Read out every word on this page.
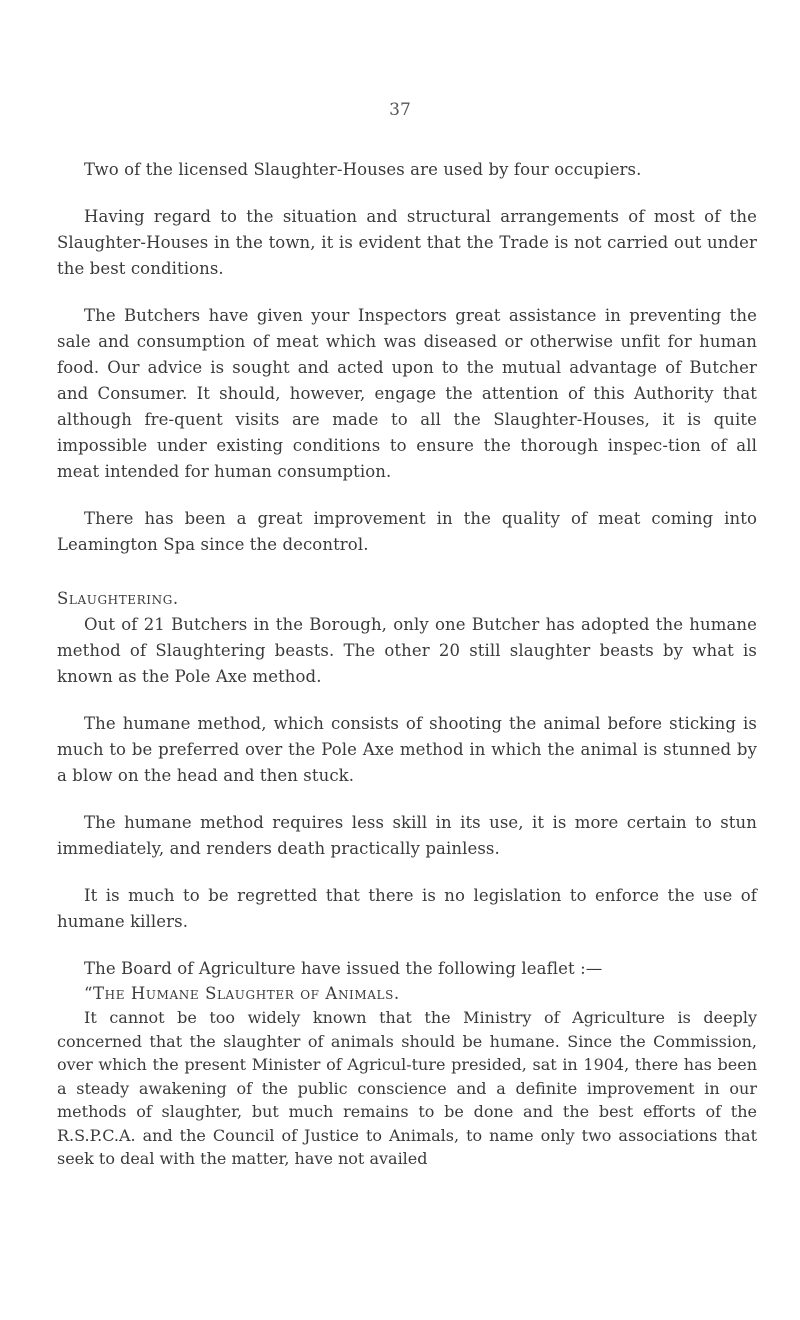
37

Two of the licensed Slaughter-Houses are used by four occupiers.

Having regard to the situation and structural arrangements of most of the Slaughter-Houses in the town, it is evident that the Trade is not carried out under the best conditions.

The Butchers have given your Inspectors great assistance in preventing the sale and consumption of meat which was diseased or otherwise unfit for human food. Our advice is sought and acted upon to the mutual advantage of Butcher and Consumer. It should, however, engage the attention of this Authority that although fre-quent visits are made to all the Slaughter-Houses, it is quite impossible under existing conditions to ensure the thorough inspec-tion of all meat intended for human consumption.

There has been a great improvement in the quality of meat coming into Leamington Spa since the decontrol.

Slaughtering.

Out of 21 Butchers in the Borough, only one Butcher has adopted the humane method of Slaughtering beasts. The other 20 still slaughter beasts by what is known as the Pole Axe method.

The humane method, which consists of shooting the animal before sticking is much to be preferred over the Pole Axe method in which the animal is stunned by a blow on the head and then stuck.

The humane method requires less skill in its use, it is more certain to stun immediately, and renders death practically painless.

It is much to be regretted that there is no legislation to enforce the use of humane killers.

The Board of Agriculture have issued the following leaflet :—

“The Humane Slaughter of Animals.

It cannot be too widely known that the Ministry of Agriculture is deeply concerned that the slaughter of animals should be humane. Since the Commission, over which the present Minister of Agricul-ture presided, sat in 1904, there has been a steady awakening of the public conscience and a definite improvement in our methods of slaughter, but much remains to be done and the best efforts of the R.S.P.C.A. and the Council of Justice to Animals, to name only two associations that seek to deal with the matter, have not availed
